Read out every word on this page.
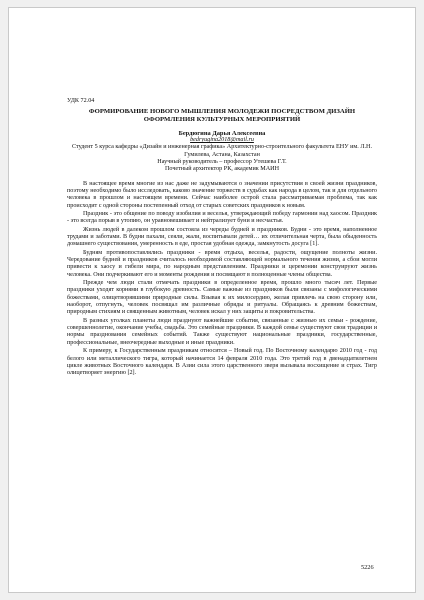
УДК 72.04

ФОРМИРОВАНИЕ НОВОГО МЫШЛЕНИЯ МОЛОДЕЖИ ПОСРЕДСТВОМ ДИЗАЙН ОФОРМЛЕНИЯ КУЛЬТУРНЫХ МЕРОПРИЯТИЙ

Бердюгина Дарья Алексеевна

bedryugina2018@mail.ru

Студент 5 курса кафедры «Дизайн и инженерная графика» Архитектурно-строительного факультета ЕНУ им. Л.Н. Гумилева, Астана, Казахстан

Научный руководитель – профессор Утешева Г.Т.

Почетный архитектор РК, академик МАИН

В настоящее время многие из нас даже не задумываются о значении присутствия в своей жизни праздников, поэтому необходимо было исследовать, каково значение торжеств в судьбах как народа в целом, так и для отдельного человека в прошлом и настоящем времени. Сейчас наиболее острой стала рассматриваемая проблема, так как происходит с одной стороны постепенный отход от старых советских праздников к новым.

Праздник - это общение по поводу изобилия и веселья, утверждающий победу гармонии над хаосом. Праздник - это всегда порыв в утопию, он уравновешивает и нейтрализует буни и несчастья.

Жизнь людей в далеком прошлом состояла из череды будней и праздников. Будни - это время, наполненное трудами и заботами. В будни пахали, сеяли, жали, воспитывали детей… их отличительная черта, была обыденность домашнего существования, умеренность в еде, простая удобная одежда, замкнутость досуга [1].

Будням противопоставлялись праздники - время отдыха, веселья, радости, ощущение полноты жизни. Чередование будней и праздников считалось необходимой составляющей нормального течения жизни, а сбои могли привести к хаосу и гибели мира, по народным представлениям. Праздники и церемонии конструируют жизнь человека. Они подчеркивают его и моменты рождения и посвящают в полноценные члены общества.

Прежде чем люди стали отмечать праздники в определенное время, прошло много тысяч лет. Первые праздники уходят корнями в глубокую древность. Самые важные из праздников были связаны с мифологическими божествами, олицетворявшими природные силы. Взывая к их милосердию, желая привлечь на свою сторону или, наоборот, отпугнуть, человек посвящал им различные обряды и ритуалы. Обращаясь к древним божествам, природным стихиям и священным животным, человек искал у них защиты и покровительства.

В разных уголках планеты люди празднуют важнейшие события, связанные с жизнью их семьи - рождение, совершеннолетие, окончание учебы, свадьба. Это семейные праздники. В каждой семье существуют свои традиции и нормы празднования семейных событий. Также существуют национальные праздники, государственные, профессиональные, внеочередные выходные и иные праздники.

К примеру, к Государственным праздникам относится – Новый год. По Восточному календарю 2010 год - год белого или металлического тигра, который начинается 14 февраля 2010 года. Это третий год в двенадцатилетнем цикле животных Восточного календаря. В Азии сила этого царственного зверя вызывала восхищение и страх. Тигр олицетворяет энергию [2].

5226
